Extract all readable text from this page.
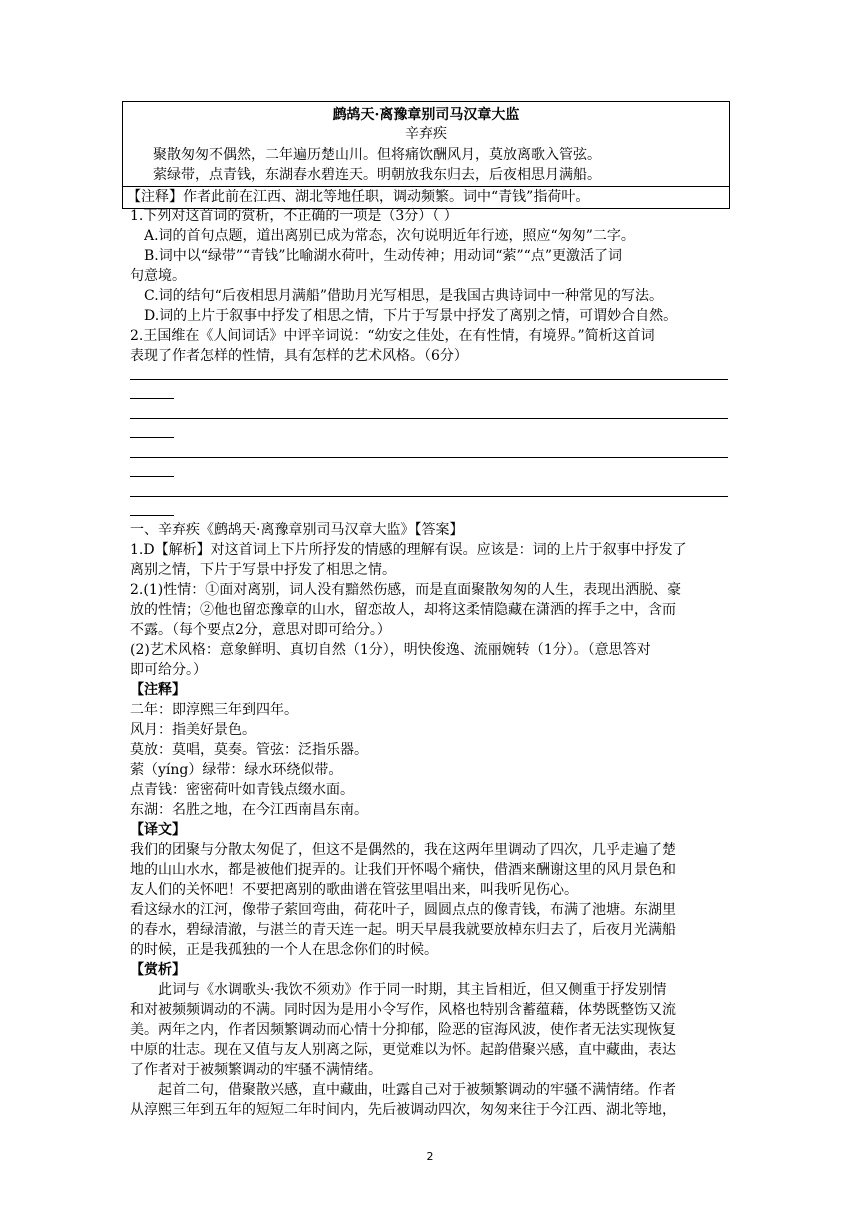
鹧鸪天·离豫章别司马汉章大监
辛弃疾
聚散匆匆不偶然，二年遍历楚山川。但将痛饮酬风月，莫放离歌入管弦。
萦绿带，点青钱，东湖春水碧连天。明朝放我东归去，后夜相思月满船。
【注释】作者此前在江西、湖北等地任职，调动频繁。词中“青钱”指荷叶。
1.下列对这首词的赏析，不正确的一项是（3分）（ ）
A.词的首句点题，道出离别已成为常态，次句说明近年行迹，照应“匆匆”二字。
B.词中以“绿带”“青钱”比喻湖水荷叶，生动传神；用动词“萦”“点”更激活了词
句意境。
C.词的结句“后夜相思月满船”借助月光写相思，是我国古典诗词中一种常见的写法。
D.词的上片于叙事中抒发了相思之情，下片于写景中抒发了离别之情，可谓妙合自然。
2.王国维在《人间词话》中评辛词说：“幼安之佳处，在有性情，有境界。”简析这首词
表现了作者怎样的性情，具有怎样的艺术风格。（6分）
一、辛弃疾《鹧鸪天·离豫章别司马汉章大监》【答案】
1.D【解析】对这首词上下片所抒发的情感的理解有误。应该是：词的上片于叙事中抒发了
离别之情，下片于写景中抒发了相思之情。
2.(1)性情：①面对离别，词人没有黯然伤感，而是直面聚散匆匆的人生，表现出洒脱、豪
放的性情；②他也留恋豫章的山水，留恋故人，却将这柔情隐藏在潇洒的挥手之中，含而
不露。（每个要点2分，意思对即可给分。）
(2)艺术风格：意象鲜明、真切自然（1分），明快俊逸、流丽婉转（1分）。（意思答对
即可给分。）
【注释】
二年：即淳熙三年到四年。
风月：指美好景色。
莫放：莫唱，莫奏。管弦：泛指乐器。
萦（yíng）绿带：绿水环绕似带。
点青钱：密密荷叶如青钱点缀水面。
东湖：名胜之地，在今江西南昌东南。
【译文】
我们的团聚与分散太匆促了，但这不是偶然的，我在这两年里调动了四次，几乎走遍了楚
地的山山水水，都是被他们捉弄的。让我们开怀喝个痛快，借酒来酬谢这里的风月景色和
友人们的关怀吧！不要把离别的歌曲谱在管弦里唱出来，叫我听见伤心。
看这绿水的江河，像带子萦回弯曲，荷花叶子，圆圆点点的像青钱，布满了池塘。东湖里
的春水，碧绿清澈，与湛兰的青天连一起。明天早晨我就要放棹东归去了，后夜月光满船
的时候，正是我孤独的一个人在思念你们的时候。
【赏析】
此词与《水调歌头·我饮不须劝》作于同一时期，其主旨相近，但又侧重于抒发别情
和对被频频调动的不满。同时因为是用小令写作，风格也特别含蓄蕴藉，体势既整饬又流
美。两年之内，作者因频繁调动而心情十分抑郁，险恶的宦海风波，使作者无法实现恢复
中原的壮志。现在又值与友人别离之际，更觉难以为怀。起韵借聚兴感，直中藏曲，表达
了作者对于被频繁调动的牢骚不满情绪。
起首二句，借聚散兴感，直中藏曲，吐露自己对于被频繁调动的牢骚不满情绪。作者
从淳熙三年到五年的短短二年时间内，先后被调动四次，匆匆来往于今江西、湖北等地，
2
